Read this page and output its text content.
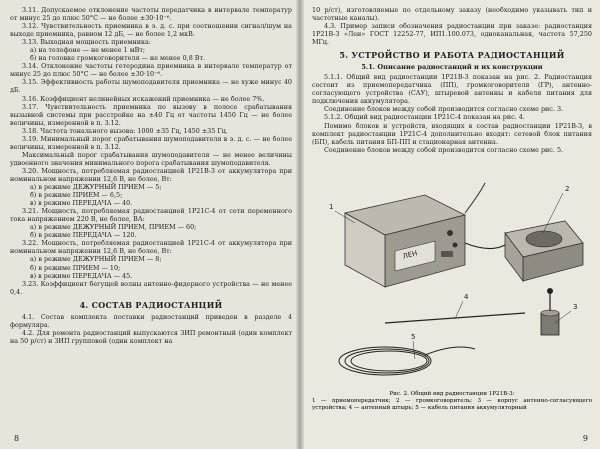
3.11. Допускаемое отклонение частоты передатчика в интервале температур от минус 25 до плюс 50°С — не более ±30·10⁻⁶.

3.12. Чувствительность приемника в э. д. с. при соотношении сигнал/шум на выходе приемника, равном 12 дБ, — не более 1,2 мкВ.

3.13. Выходная мощность приемника:

а) на телефоне — не менее 1 мВт;

б) на головке громкоговорителя — не менее 0,8 Вт.

3.14. Отклонение частоты гетеродина приемника в интервале температур от минус 25 до плюс 50°С — не более ±30·10⁻⁶.

3.15. Эффективность работы шумоподавителя приемника — не хуже минус 40 дБ.

3.16. Коэффициент нелинейных искажений приемника — не более 7%.

3.17. Чувствительность приемника по вызову в полосе срабатывания вызывной системы при расстройке на ±40 Гц от частоты 1450 Гц — не более величины, измеренной в п. 3.12.

3.18. Частота тонального вызова: 1000 ±35 Гц, 1450 ±35 Гц.

3.19. Минимальный порог срабатывания шумоподавителя в э. д. с. — не более величины, измеренной в п. 3.12.

Максимальный порог срабатывания шумоподавителя — не менее величины удвоенного значения минимального порога срабатывания шумоподавителя.

3.20. Мощность, потребляемая радиостанцией 1Р21В-3 от аккумулятора при номинальном напряжении 12,6 В, не более, Вт:

а) в режиме ДЕЖУРНЫЙ ПРИЕМ — 5;

б) в режиме ПРИЕМ — 6,5;

в) в режиме ПЕРЕДАЧА — 40.

3.21. Мощность, потребляемая радиостанцией 1Р21С-4 от сети переменного тока напряжением 220 В, не более, ВА:

а) в режиме ДЕЖУРНЫЙ ПРИЕМ, ПРИЕМ — 60;

б) в режиме ПЕРЕДАЧА — 120.

3.22. Мощность, потребляемая радиостанцией 1Р21С-4 от аккумулятора при номинальном напряжении 12,6 В, не более, Вт:

а) в режиме ДЕЖУРНЫЙ ПРИЕМ — 8;

б) в режиме ПРИЕМ — 10;

в) в режиме ПЕРЕДАЧА — 45.

3.23. Коэффициент бегущей волны антенно-фидерного устройства — не менее 0,4.

4. СОСТАВ РАДИОСТАНЦИЙ

4.1. Состав комплекта поставки радиостанций приведен в разделе 4 формуляра.

4.2. Для ремонта радиостанций выпускаются ЗИП ремонтный (один комплект на 50 р/ст) и ЗИП групповой (один комплект на

8

10 р/ст), изготовляемые по отдельному заказу (необходимо указывать тип и частотные каналы).

4.3. Пример записи обозначения радиостанции при заказе: радиостанция 1Р21В-3 «Лен» ГОСТ 12252-77, ИП1.100.073, одноканальная, частота 57,250 МГц.

5. УСТРОЙСТВО И РАБОТА РАДИОСТАНЦИЙ
5.1. Описание радиостанций и их конструкции

5.1.1. Общий вид радиостанции 1Р21В-3 показан на рис. 2. Радиостанция состоит из приемопередатчика (ПП), громкоговорителя (ГР), антенно-согласующего устройства (САУ), штыревой антенны и кабеля питания для подключения аккумулятора.

Соединение блоков между собой производится согласно схеме рис. 3.

5.1.2. Общий вид радиостанции 1Р21С-4 показан на рис. 4.

Помимо блоков и устройств, входящих в состав радиостанции 1Р21В-3, в комплект радиостанции 1Р21С-4 дополнительно входят: сетевой блок питания (БП), кабель питания БП-ПП и стационарная антенна.

Соединение блоков между собой производится согласно схеме рис. 5.

9
ЛЕН
1
2
3
4
5

Рис. 2. Общий вид радиостанции 1Р21В-3:

1 — приемопередатчик; 2 — громкоговоритель; 3 — корпус антенно-согласующего устройства; 4 — антенный штырь; 5 — кабель питания аккумуляторный
